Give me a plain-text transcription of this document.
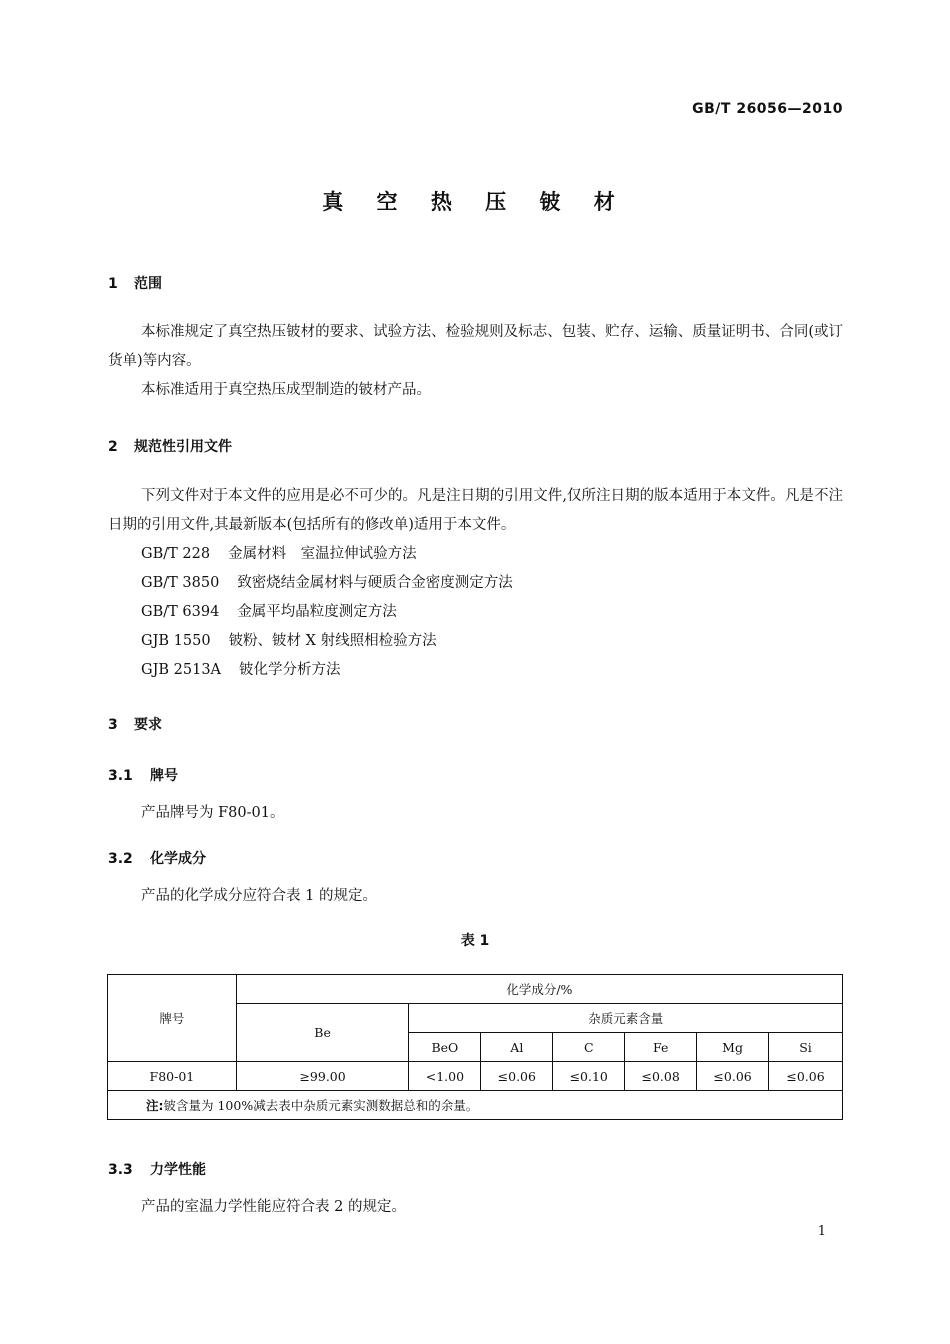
GB/T 26056—2010
真 空 热 压 铍 材
1 范围

本标准规定了真空热压铍材的要求、试验方法、检验规则及标志、包装、贮存、运输、质量证明书、合同(或订货单)等内容。

本标准适用于真空热压成型制造的铍材产品。

2 规范性引用文件

下列文件对于本文件的应用是必不可少的。凡是注日期的引用文件,仅所注日期的版本适用于本文件。凡是不注日期的引用文件,其最新版本(包括所有的修改单)适用于本文件。

GB/T 228 金属材料　室温拉伸试验方法
GB/T 3850 致密烧结金属材料与硬质合金密度测定方法
GB/T 6394 金属平均晶粒度测定方法
GJB 1550 铍粉、铍材 X 射线照相检验方法
GJB 2513A 铍化学分析方法
3 要求
3.1 牌号

产品牌号为 F80-01。

3.2 化学成分

产品的化学成分应符合表 1 的规定。

表 1
牌号	化学成分/%						
	Be	杂质元素含量					
		BeO	Al	C	Fe	Mg	Si
F80-01	≥99.00	<1.00	≤0.06	≤0.10	≤0.08	≤0.06	≤0.06
注:铍含量为 100%减去表中杂质元素实测数据总和的余量。							
3.3 力学性能

产品的室温力学性能应符合表 2 的规定。

1
